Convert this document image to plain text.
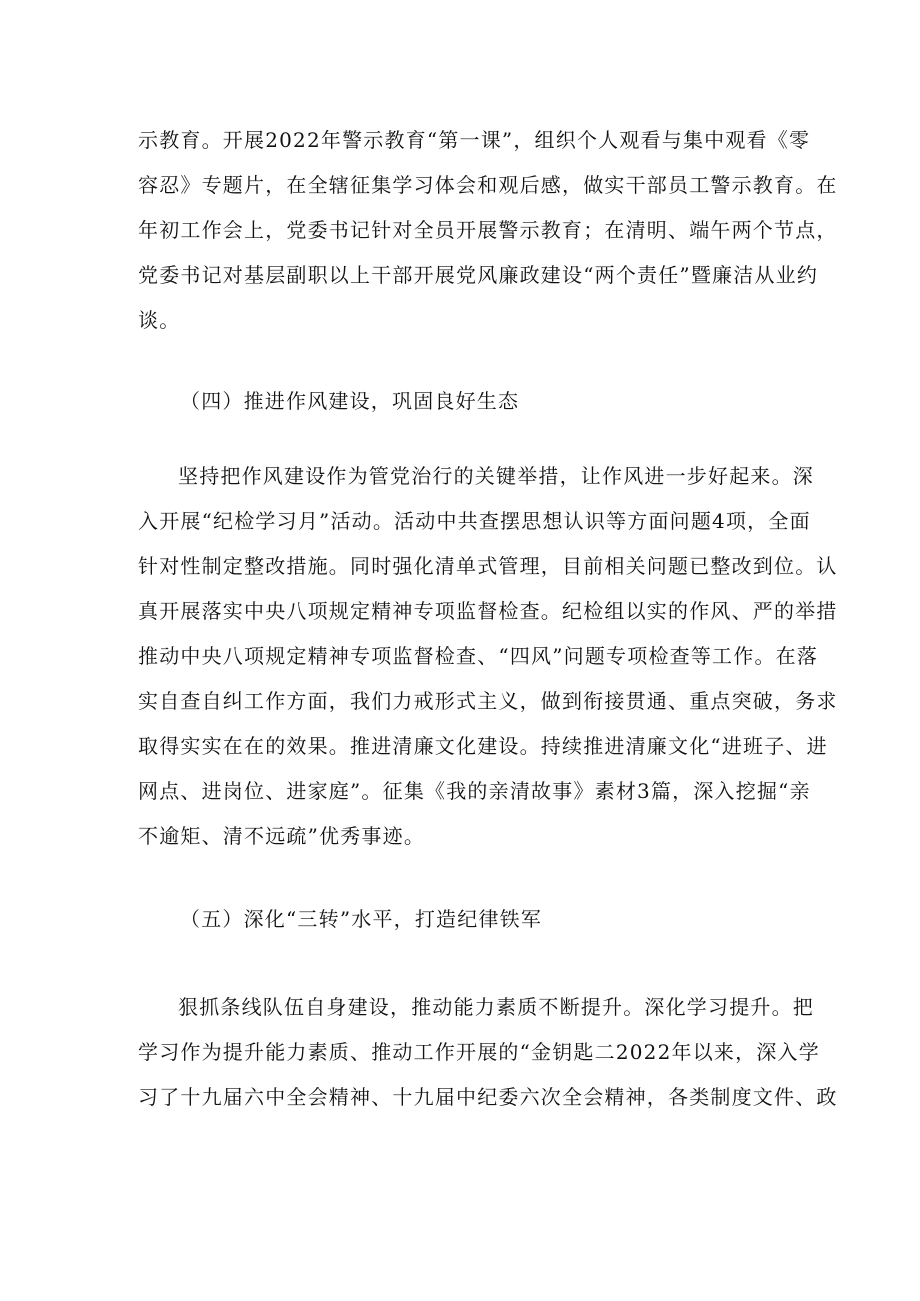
示教育。开展2022年警示教育“第一课”，组织个人观看与集中观看《零
容忍》专题片，在全辖征集学习体会和观后感，做实干部员工警示教育。在
年初工作会上，党委书记针对全员开展警示教育；在清明、端午两个节点，
党委书记对基层副职以上干部开展党风廉政建设“两个责任”暨廉洁从业约
谈。
（四）推进作风建设，巩固良好生态
坚持把作风建设作为管党治行的关键举措，让作风进一步好起来。深
入开展“纪检学习月”活动。活动中共查摆思想认识等方面问题4项，全面
针对性制定整改措施。同时强化清单式管理，目前相关问题已整改到位。认
真开展落实中央八项规定精神专项监督检查。纪检组以实的作风、严的举措
推动中央八项规定精神专项监督检查、“四风”问题专项检查等工作。在落
实自查自纠工作方面，我们力戒形式主义，做到衔接贯通、重点突破，务求
取得实实在在的效果。推进清廉文化建设。持续推进清廉文化“进班子、进
网点、进岗位、进家庭”。征集《我的亲清故事》素材3篇，深入挖掘“亲
不逾矩、清不远疏”优秀事迹。
（五）深化“三转”水平，打造纪律铁军
狠抓条线队伍自身建设，推动能力素质不断提升。深化学习提升。把
学习作为提升能力素质、推动工作开展的“金钥匙二2022年以来，深入学
习了十九届六中全会精神、十九届中纪委六次全会精神，各类制度文件、政
